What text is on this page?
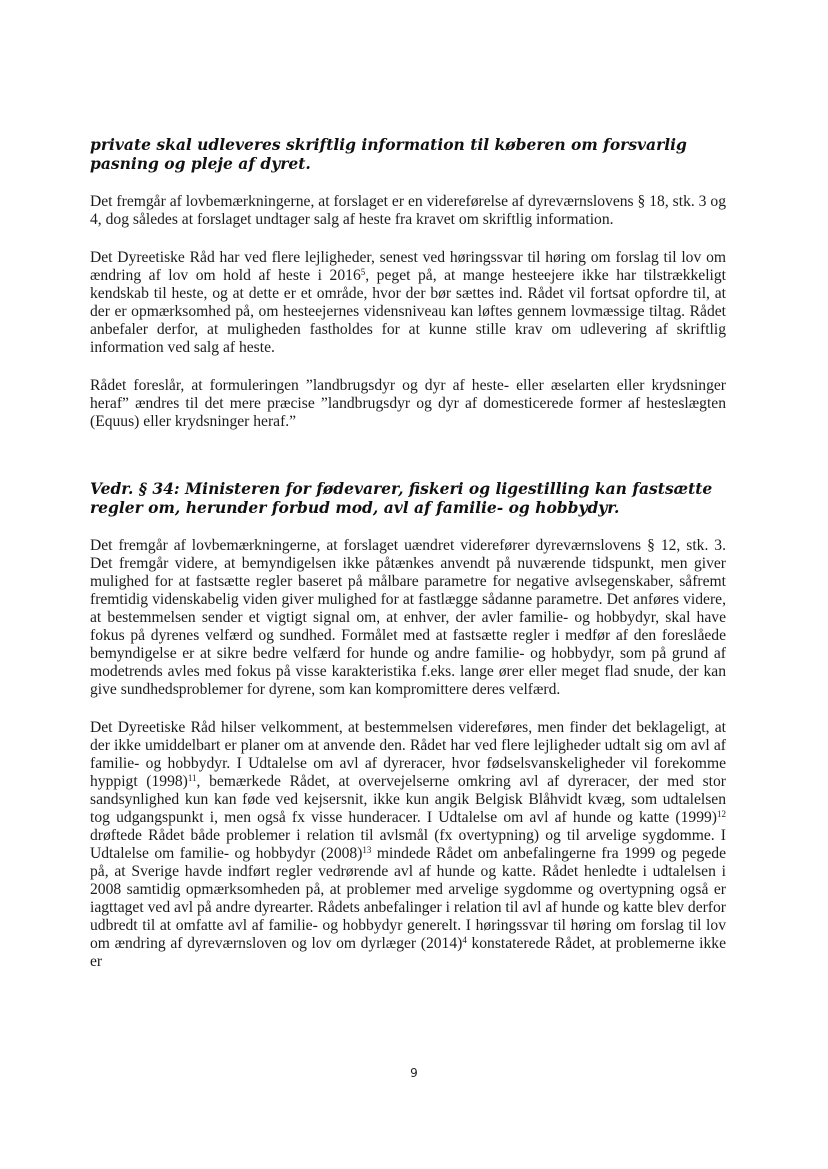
private skal udleveres skriftlig information til køberen om forsvarlig pasning og pleje af dyret.

Det fremgår af lovbemærkningerne, at forslaget er en videreførelse af dyreværnslovens § 18, stk. 3 og 4, dog således at forslaget undtager salg af heste fra kravet om skriftlig information.

Det Dyreetiske Råd har ved flere lejligheder, senest ved høringssvar til høring om forslag til lov om ændring af lov om hold af heste i 2016$^5$, peget på, at mange hesteejere ikke har tilstrækkeligt kendskab til heste, og at dette er et område, hvor der bør sættes ind. Rådet vil fortsat opfordre til, at der er opmærksomhed på, om hesteejernes vidensniveau kan løftes gennem lovmæssige tiltag. Rådet anbefaler derfor, at muligheden fastholdes for at kunne stille krav om udlevering af skriftlig information ved salg af heste.

Rådet foreslår, at formuleringen ”landbrugsdyr og dyr af heste- eller æselarten eller krydsninger heraf” ændres til det mere præcise ”landbrugsdyr og dyr af domesticerede former af hesteslægten (Equus) eller krydsninger heraf.”

Vedr. § 34: Ministeren for fødevarer, fiskeri og ligestilling kan fastsætte regler om, herunder forbud mod, avl af familie- og hobbydyr.

Det fremgår af lovbemærkningerne, at forslaget uændret viderefører dyreværnslovens § 12, stk. 3. Det fremgår videre, at bemyndigelsen ikke påtænkes anvendt på nuværende tidspunkt, men giver mulighed for at fastsætte regler baseret på målbare parametre for negative avlsegenskaber, såfremt fremtidig videnskabelig viden giver mulighed for at fastlægge sådanne parametre. Det anføres videre, at bestemmelsen sender et vigtigt signal om, at enhver, der avler familie- og hobbydyr, skal have fokus på dyrenes velfærd og sundhed. Formålet med at fastsætte regler i medfør af den foreslåede bemyndigelse er at sikre bedre velfærd for hunde og andre familie- og hobbydyr, som på grund af modetrends avles med fokus på visse karakteristika f.eks. lange ører eller meget flad snude, der kan give sundhedsproblemer for dyrene, som kan kompromittere deres velfærd.

Det Dyreetiske Råd hilser velkomment, at bestemmelsen videreføres, men finder det beklageligt, at der ikke umiddelbart er planer om at anvende den. Rådet har ved flere lejligheder udtalt sig om avl af familie- og hobbydyr. I Udtalelse om avl af dyreracer, hvor fødselsvanskeligheder vil forekomme hyppigt $(1998)^{11}$, bemærkede Rådet, at overvejelserne omkring avl af dyreracer, der med stor sandsynlighed kun kan føde ved kejsersnit, ikke kun angik Belgisk Blåhvidt kvæg, som udtalelsen tog udgangspunkt i, men også fx visse hunderacer. I Udtalelse om avl af hunde og katte $(1999)^{12}$ drøftede Rådet både problemer i relation til avlsmål (fx overtypning) og til arvelige sygdomme. I Udtalelse om familie- og hobbydyr $(2008)^{13}$ mindede Rådet om anbefalingerne fra 1999 og pegede på, at Sverige havde indført regler vedrørende avl af hunde og katte. Rådet henledte i udtalelsen i 2008 samtidig opmærksomheden på, at problemer med arvelige sygdomme og overtypning også er iagttaget ved avl på andre dyrearter. Rådets anbefalinger i relation til avl af hunde og katte blev derfor udbredt til at omfatte avl af familie- og hobbydyr generelt. I høringssvar til høring om forslag til lov om ændring af dyreværnsloven og lov om dyrlæger $(2014)^4$ konstaterede Rådet, at problemerne ikke er

9
